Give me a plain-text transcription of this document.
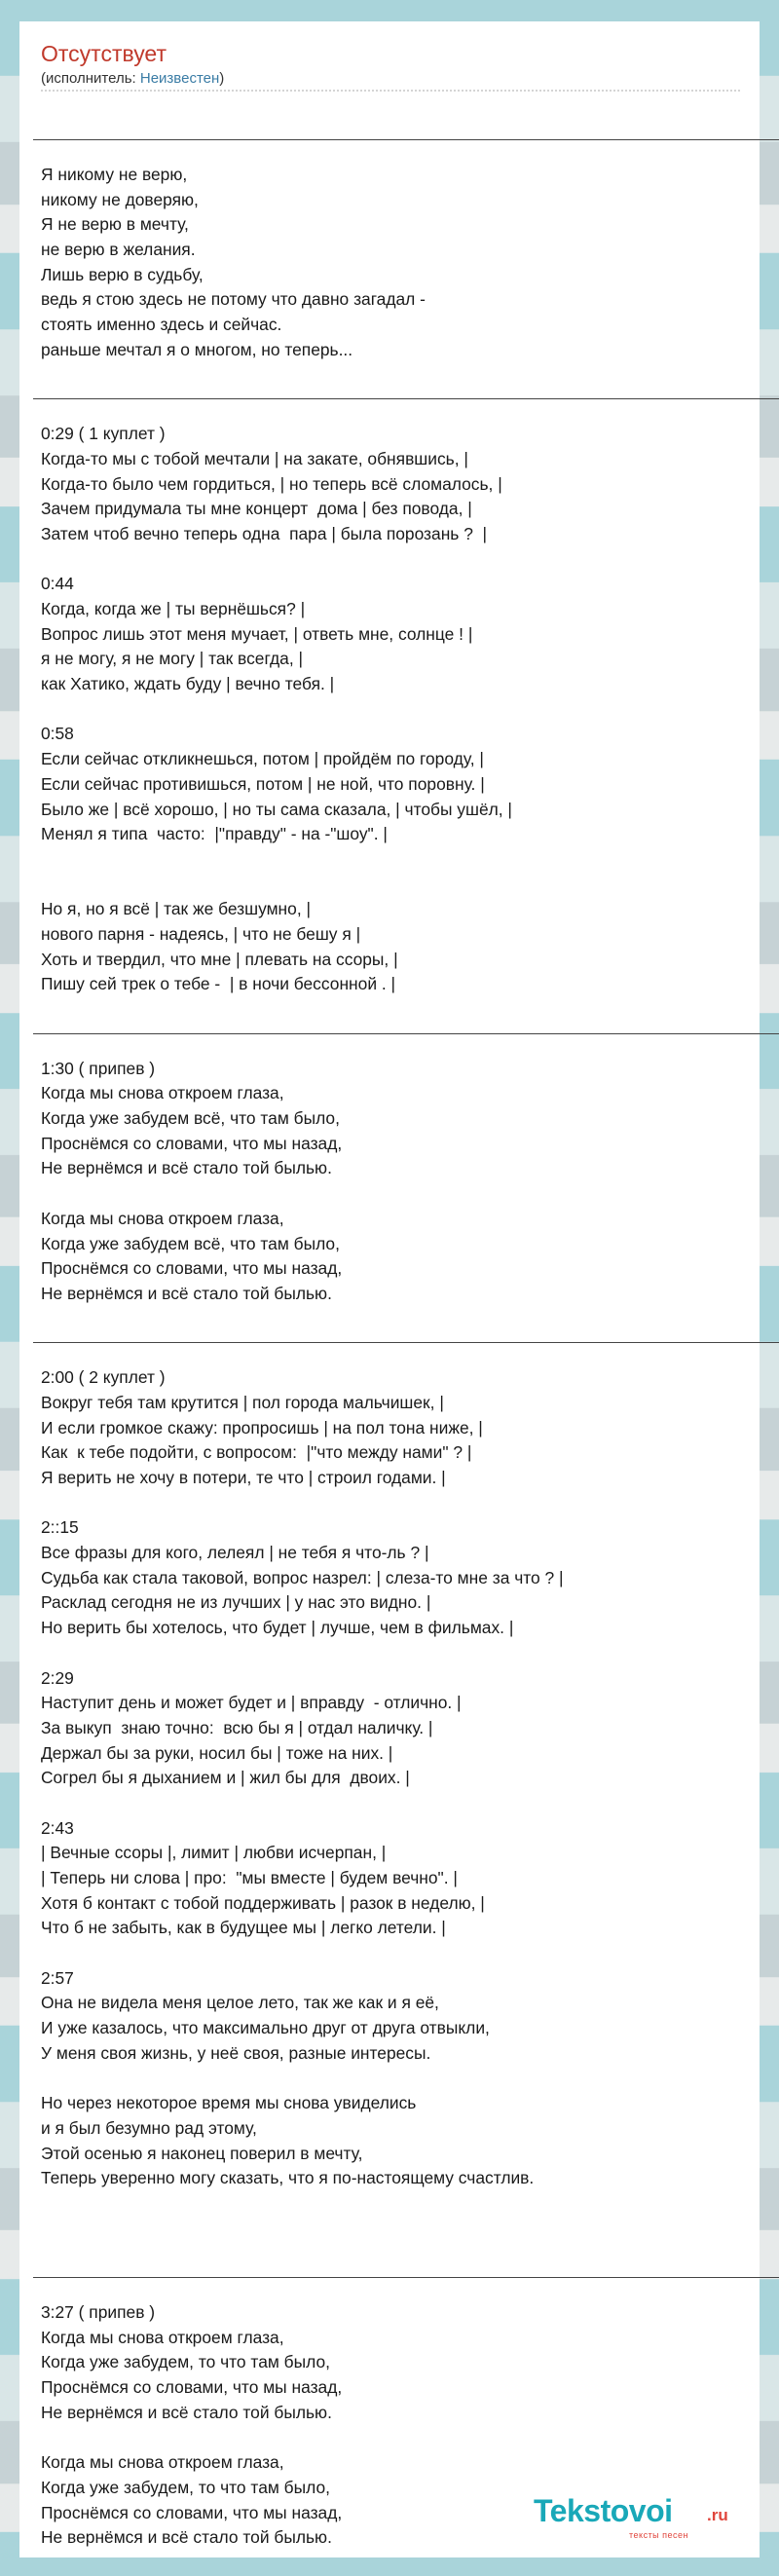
Отсутствует
(исполнитель: Неизвестен)
Я никому не верю,
никому не доверяю,
Я не верю в мечту,
не верю в желания.
Лишь верю в судьбу,
ведь я стою здесь не потому что давно загадал -
стоять именно здесь и сейчас.
раньше мечтал я о многом, но теперь...
0:29 ( 1 куплет )
Когда-то мы с тобой мечтали | на закате, обнявшись, |
Когда-то было чем гордиться, | но теперь всё сломалось, |
Зачем придумала ты мне концерт  дома | без повода, |
Затем чтоб вечно теперь одна  пара | была порозань ?  |
0:44
Когда, когда же | ты вернёшься? |
Вопрос лишь этот меня мучает, | ответь мне, солнце ! |
я не могу, я не могу | так всегда, |
как Хатико, ждать буду | вечно тебя. |
0:58
Если сейчас откликнешься, потом | пройдём по городу, |
Если сейчас противишься, потом | не ной, что поровну. |
Было же | всё хорошо, | но ты сама сказала, | чтобы ушёл, |
Менял я типа  часто:  |"правду" - на -"шоу". |
Но я, но я всё | так же безшумно, |
нового парня - надеясь, | что не бешу я |
Хоть и твердил, что мне | плевать на ссоры, |
Пишу сей трек о тебе -  | в ночи бессонной . |
1:30 ( припев )
Когда мы снова откроем глаза,
Когда уже забудем всё, что там было,
Проснёмся со словами, что мы назад,
Не вернёмся и всё стало той былью.
Когда мы снова откроем глаза,
Когда уже забудем всё, что там было,
Проснёмся со словами, что мы назад,
Не вернёмся и всё стало той былью.
2:00 ( 2 куплет )
Вокруг тебя там крутится | пол города мальчишек, |
И если громкое скажу: пропросишь | на пол тона ниже, |
Как  к тебе подойти, с вопросом:  |"что между нами" ? |
Я верить не хочу в потери, те что | строил годами. |
2::15
Все фразы для кого, лелеял | не тебя я что-ль ? |
Судьба как стала таковой, вопрос назрел: | слеза-то мне за что ? |
Расклад сегодня не из лучших | у нас это видно. |
Но верить бы хотелось, что будет | лучше, чем в фильмах. |
2:29
Наступит день и может будет и | вправду  - отлично. |
За выкуп  знаю точно:  всю бы я | отдал наличку. |
Держал бы за руки, носил бы | тоже на них. |
Согрел бы я дыханием и | жил бы для  двоих. |
2:43
| Вечные ссоры |, лимит | любви исчерпан, |
| Теперь ни слова | про:  "мы вместе | будем вечно". |
Хотя б контакт с тобой поддерживать | разок в неделю, |
Что б не забыть, как в будущее мы | легко летели. |
2:57
Она не видела меня целое лето, так же как и я её,
И уже казалось, что максимально друг от друга отвыкли,
У меня своя жизнь, у неё своя, разные интересы.
Но через некоторое время мы снова увиделись
и я был безумно рад этому,
Этой осенью я наконец поверил в мечту,
Теперь уверенно могу сказать, что я по-настоящему счастлив.
3:27 ( припев )
Когда мы снова откроем глаза,
Когда уже забудем, то что там было,
Проснёмся со словами, что мы назад,
Не вернёмся и всё стало той былью.
Когда мы снова откроем глаза,
Когда уже забудем, то что там было,
Проснёмся со словами, что мы назад,
Не вернёмся и всё стало той былью.
Tekstovoi .ru
тексты песен
